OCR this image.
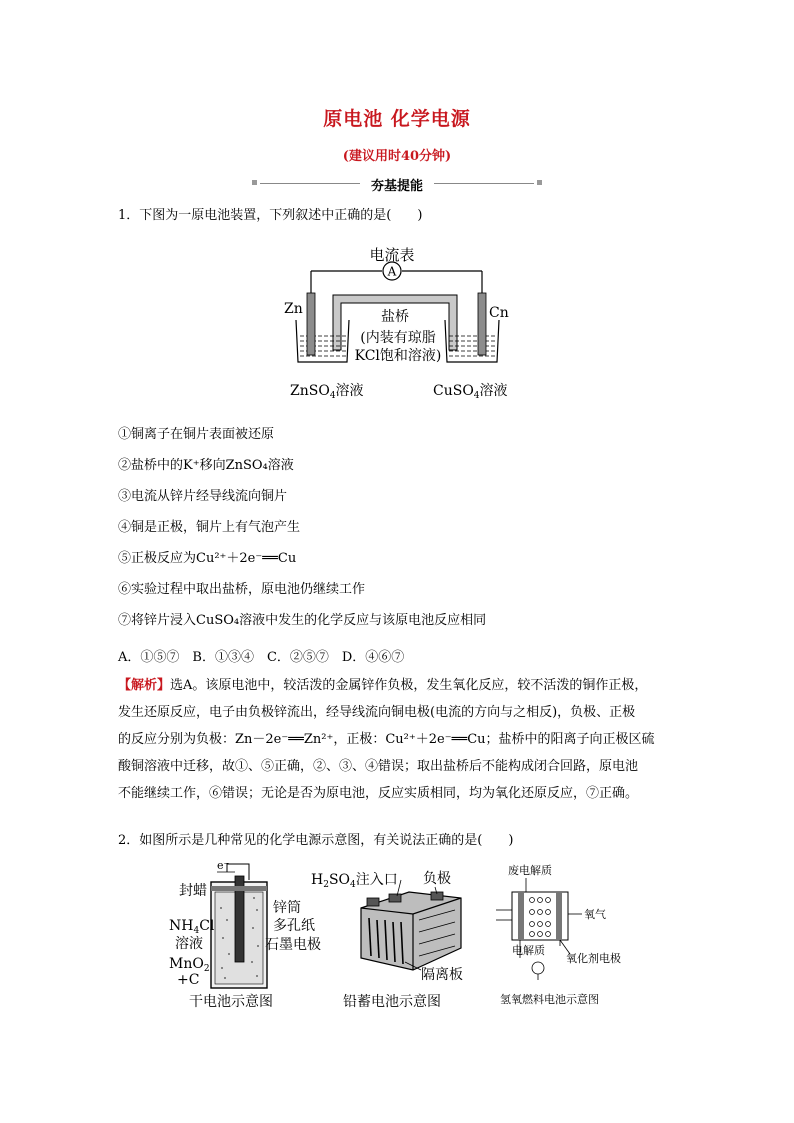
原电池 化学电源
(建议用时40分钟)
夯基提能
1．下图为一原电池装置，下列叙述中正确的是(　　)
A
电流表
Zn	Cn
盐桥
(内装有琼脂
KCl饱和溶液)
ZnSO$_4$溶液	CuSO$_4$溶液
①铜离子在铜片表面被还原
②盐桥中的K⁺移向ZnSO₄溶液
③电流从锌片经导线流向铜片
④铜是正极，铜片上有气泡产生
⑤正极反应为Cu²⁺＋2e⁻══Cu
⑥实验过程中取出盐桥，原电池仍继续工作
⑦将锌片浸入CuSO₄溶液中发生的化学反应与该原电池反应相同
A．①⑤⑦　B．①③④　C．②⑤⑦　D．④⑥⑦
【解析】选A。该原电池中，较活泼的金属锌作负极，发生氧化反应，较不活泼的铜作正极，
发生还原反应，电子由负极锌流出，经导线流向铜电极(电流的方向与之相反)，负极、正极
的反应分别为负极：Zn－2e⁻══Zn²⁺，正极：Cu²⁺＋2e⁻══Cu；盐桥中的阳离子向正极区硫
酸铜溶液中迁移，故①、⑤正确，②、③、④错误；取出盐桥后不能构成闭合回路，原电池
不能继续工作，⑥错误；无论是否为原电池，反应实质相同，均为氧化还原反应，⑦正确。
2．如图所示是几种常见的化学电源示意图，有关说法正确的是(　　)
e⁻
封蜡
$NH_4Cl$
溶液
MnO$_2$
+C
锌筒
多孔纸
石墨电极
干电池示意图
$H_2SO_4$注入口 负极
隔离板
铅蓄电池示意图
废电解质
氧气
电解质
氧化剂电极
氢氧燃料电池示意图
